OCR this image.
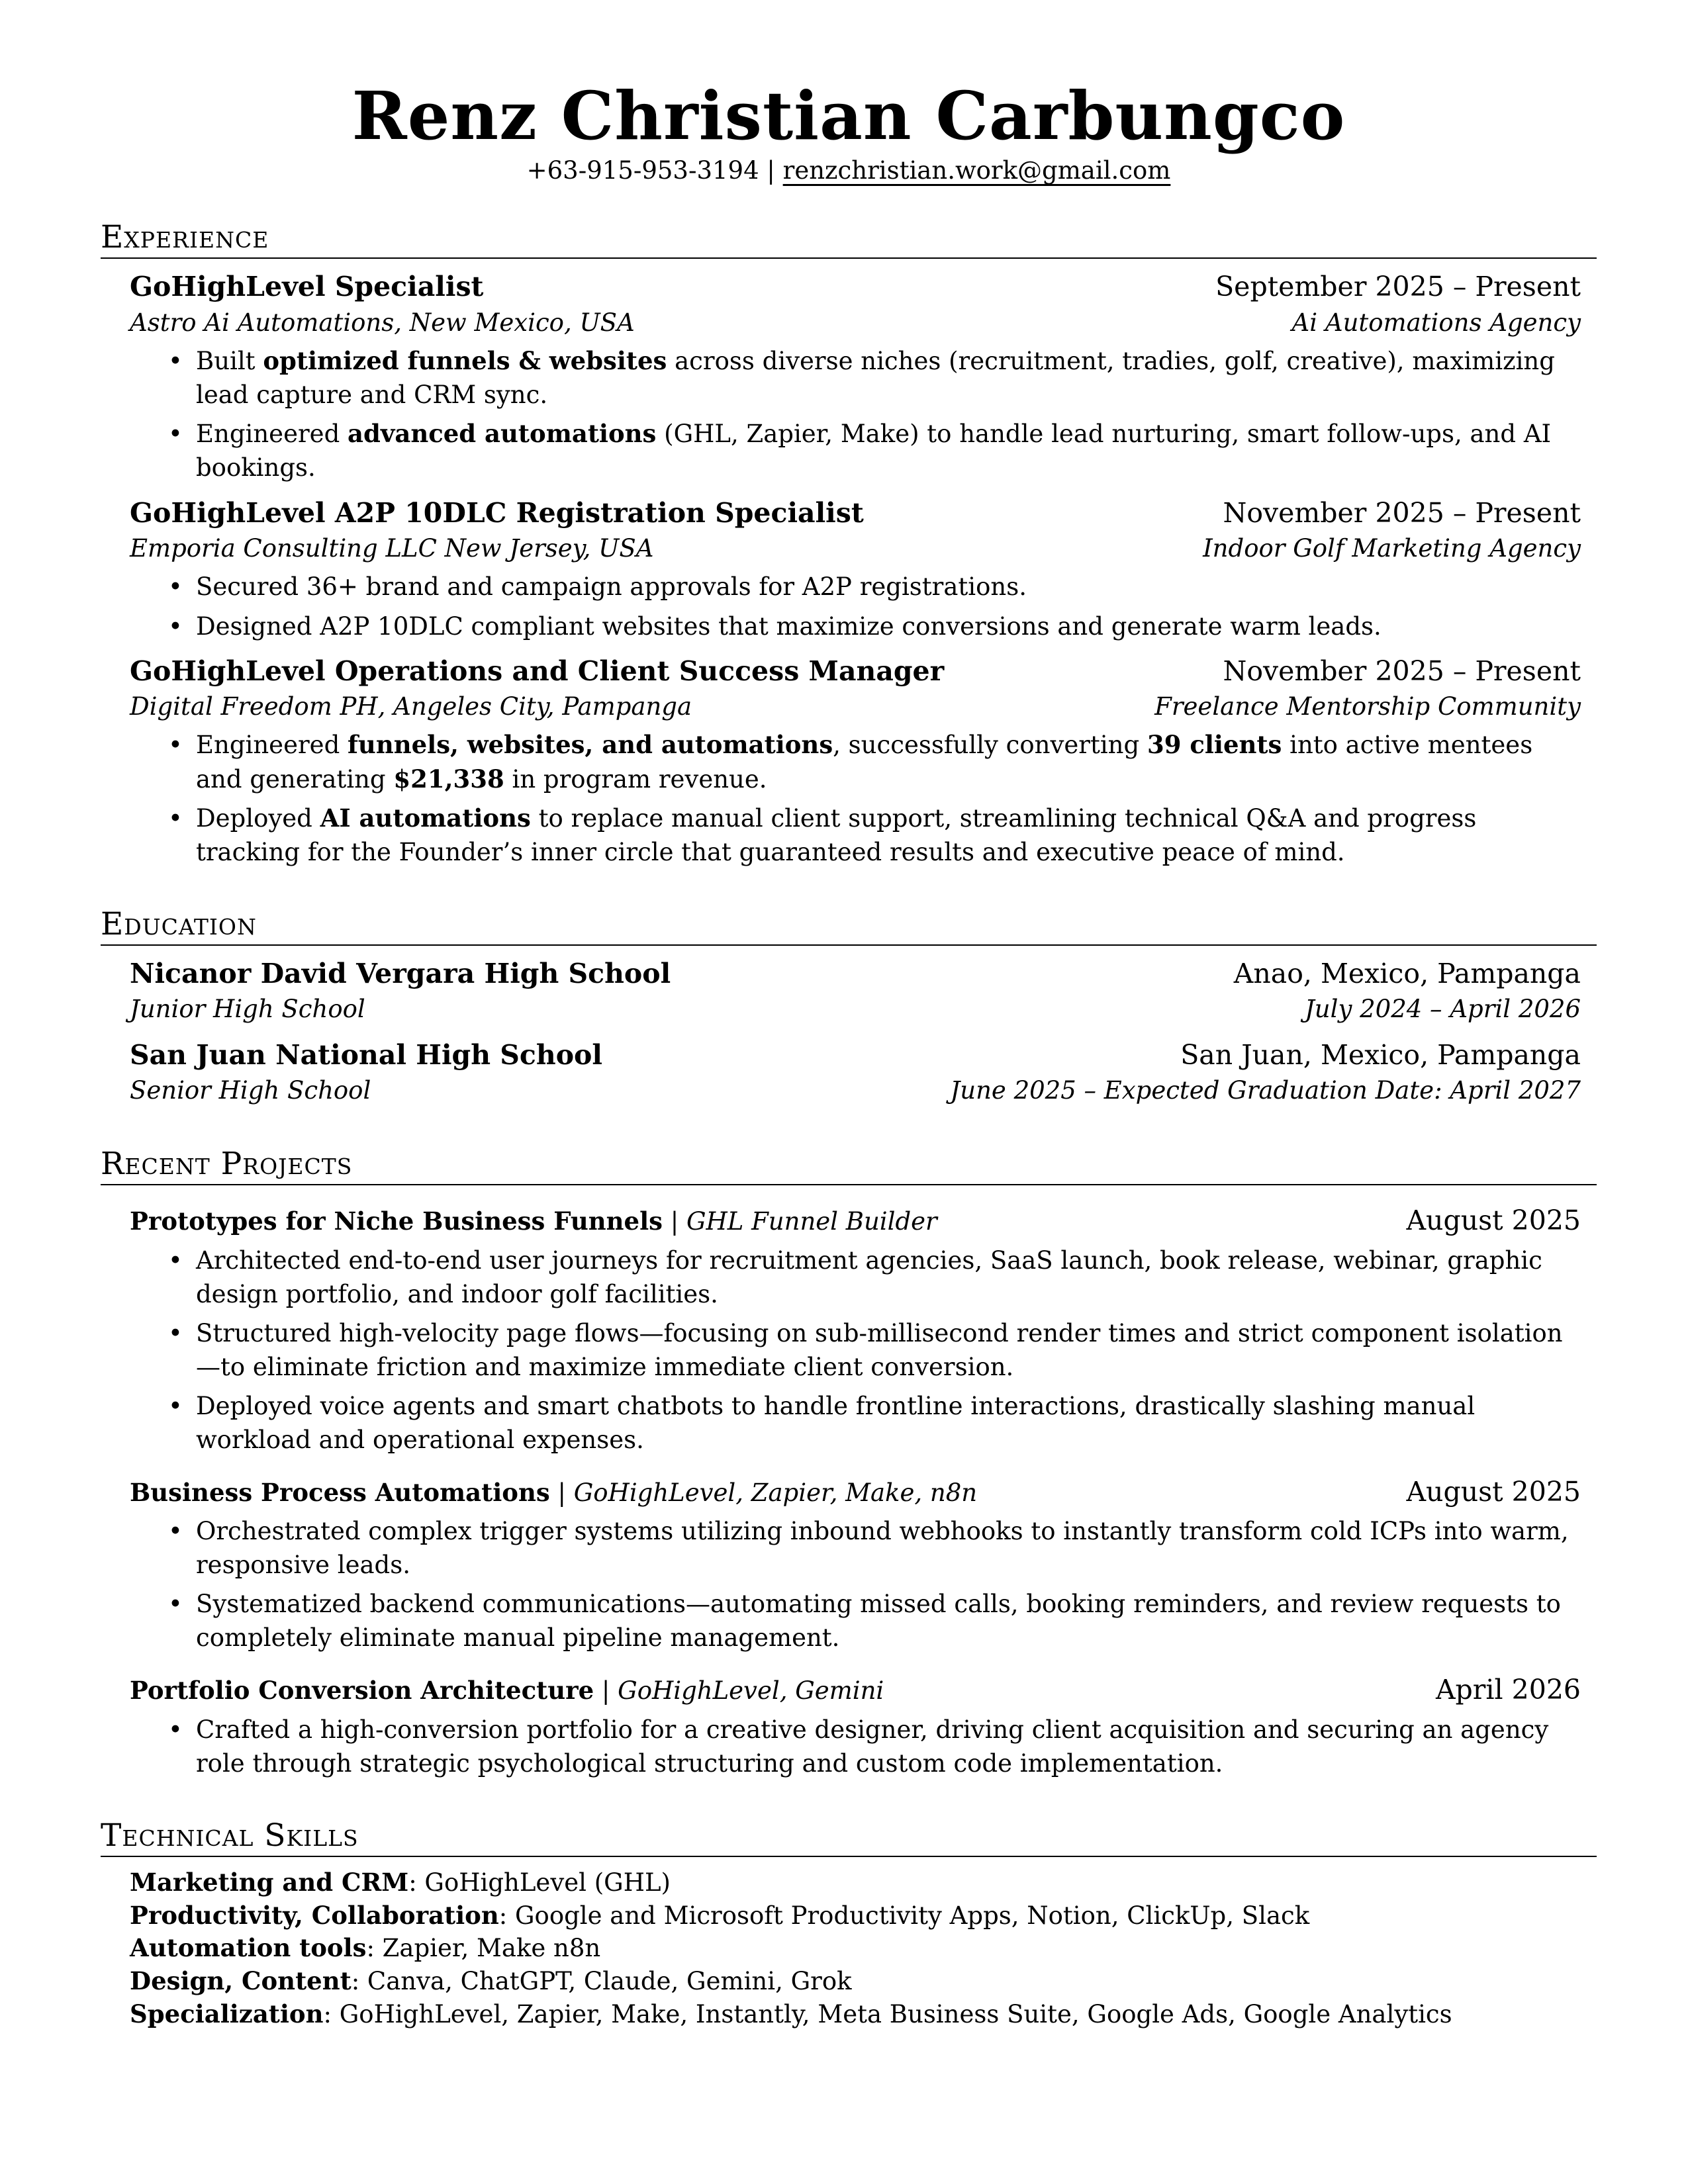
Renz Christian Carbungco
+63-915-953-3194 | renzchristian.work@gmail.com
Experience
GoHighLevel Specialist	September 2025 – Present
Astro Ai Automations, New Mexico, USA	Ai Automations Agency
• Built optimized funnels & websites across diverse niches (recruitment, tradies, golf, creative), maximizing lead capture and CRM sync.
• Engineered advanced automations (GHL, Zapier, Make) to handle lead nurturing, smart follow-ups, and AI bookings.
GoHighLevel A2P 10DLC Registration Specialist	November 2025 – Present
Emporia Consulting LLC New Jersey, USA	Indoor Golf Marketing Agency
• Secured 36+ brand and campaign approvals for A2P registrations.
• Designed A2P 10DLC compliant websites that maximize conversions and generate warm leads.
GoHighLevel Operations and Client Success Manager	November 2025 – Present
Digital Freedom PH, Angeles City, Pampanga	Freelance Mentorship Community
• Engineered funnels, websites, and automations, successfully converting 39 clients into active mentees and generating $21,338 in program revenue.
• Deployed AI automations to replace manual client support, streamlining technical Q&A and progress tracking for the Founder’s inner circle that guaranteed results and executive peace of mind.
Education
Nicanor David Vergara High School	Anao, Mexico, Pampanga
Junior High School	July 2024 – April 2026
San Juan National High School	San Juan, Mexico, Pampanga
Senior High School	June 2025 – Expected Graduation Date: April 2027
Recent Projects
Prototypes for Niche Business Funnels | GHL Funnel Builder	August 2025
• Architected end-to-end user journeys for recruitment agencies, SaaS launch, book release, webinar, graphic design portfolio, and indoor golf facilities.
• Structured high-velocity page flows—focusing on sub-millisecond render times and strict component isolation—to eliminate friction and maximize immediate client conversion.
• Deployed voice agents and smart chatbots to handle frontline interactions, drastically slashing manual workload and operational expenses.
Business Process Automations | GoHighLevel, Zapier, Make, n8n	August 2025
• Orchestrated complex trigger systems utilizing inbound webhooks to instantly transform cold ICPs into warm, responsive leads.
• Systematized backend communications—automating missed calls, booking reminders, and review requests to completely eliminate manual pipeline management.
Portfolio Conversion Architecture | GoHighLevel, Gemini	April 2026
• Crafted a high-conversion portfolio for a creative designer, driving client acquisition and securing an agency role through strategic psychological structuring and custom code implementation.
Technical Skills
Marketing and CRM: GoHighLevel (GHL)
Productivity, Collaboration: Google and Microsoft Productivity Apps, Notion, ClickUp, Slack
Automation tools: Zapier, Make n8n
Design, Content: Canva, ChatGPT, Claude, Gemini, Grok
Specialization: GoHighLevel, Zapier, Make, Instantly, Meta Business Suite, Google Ads, Google Analytics
